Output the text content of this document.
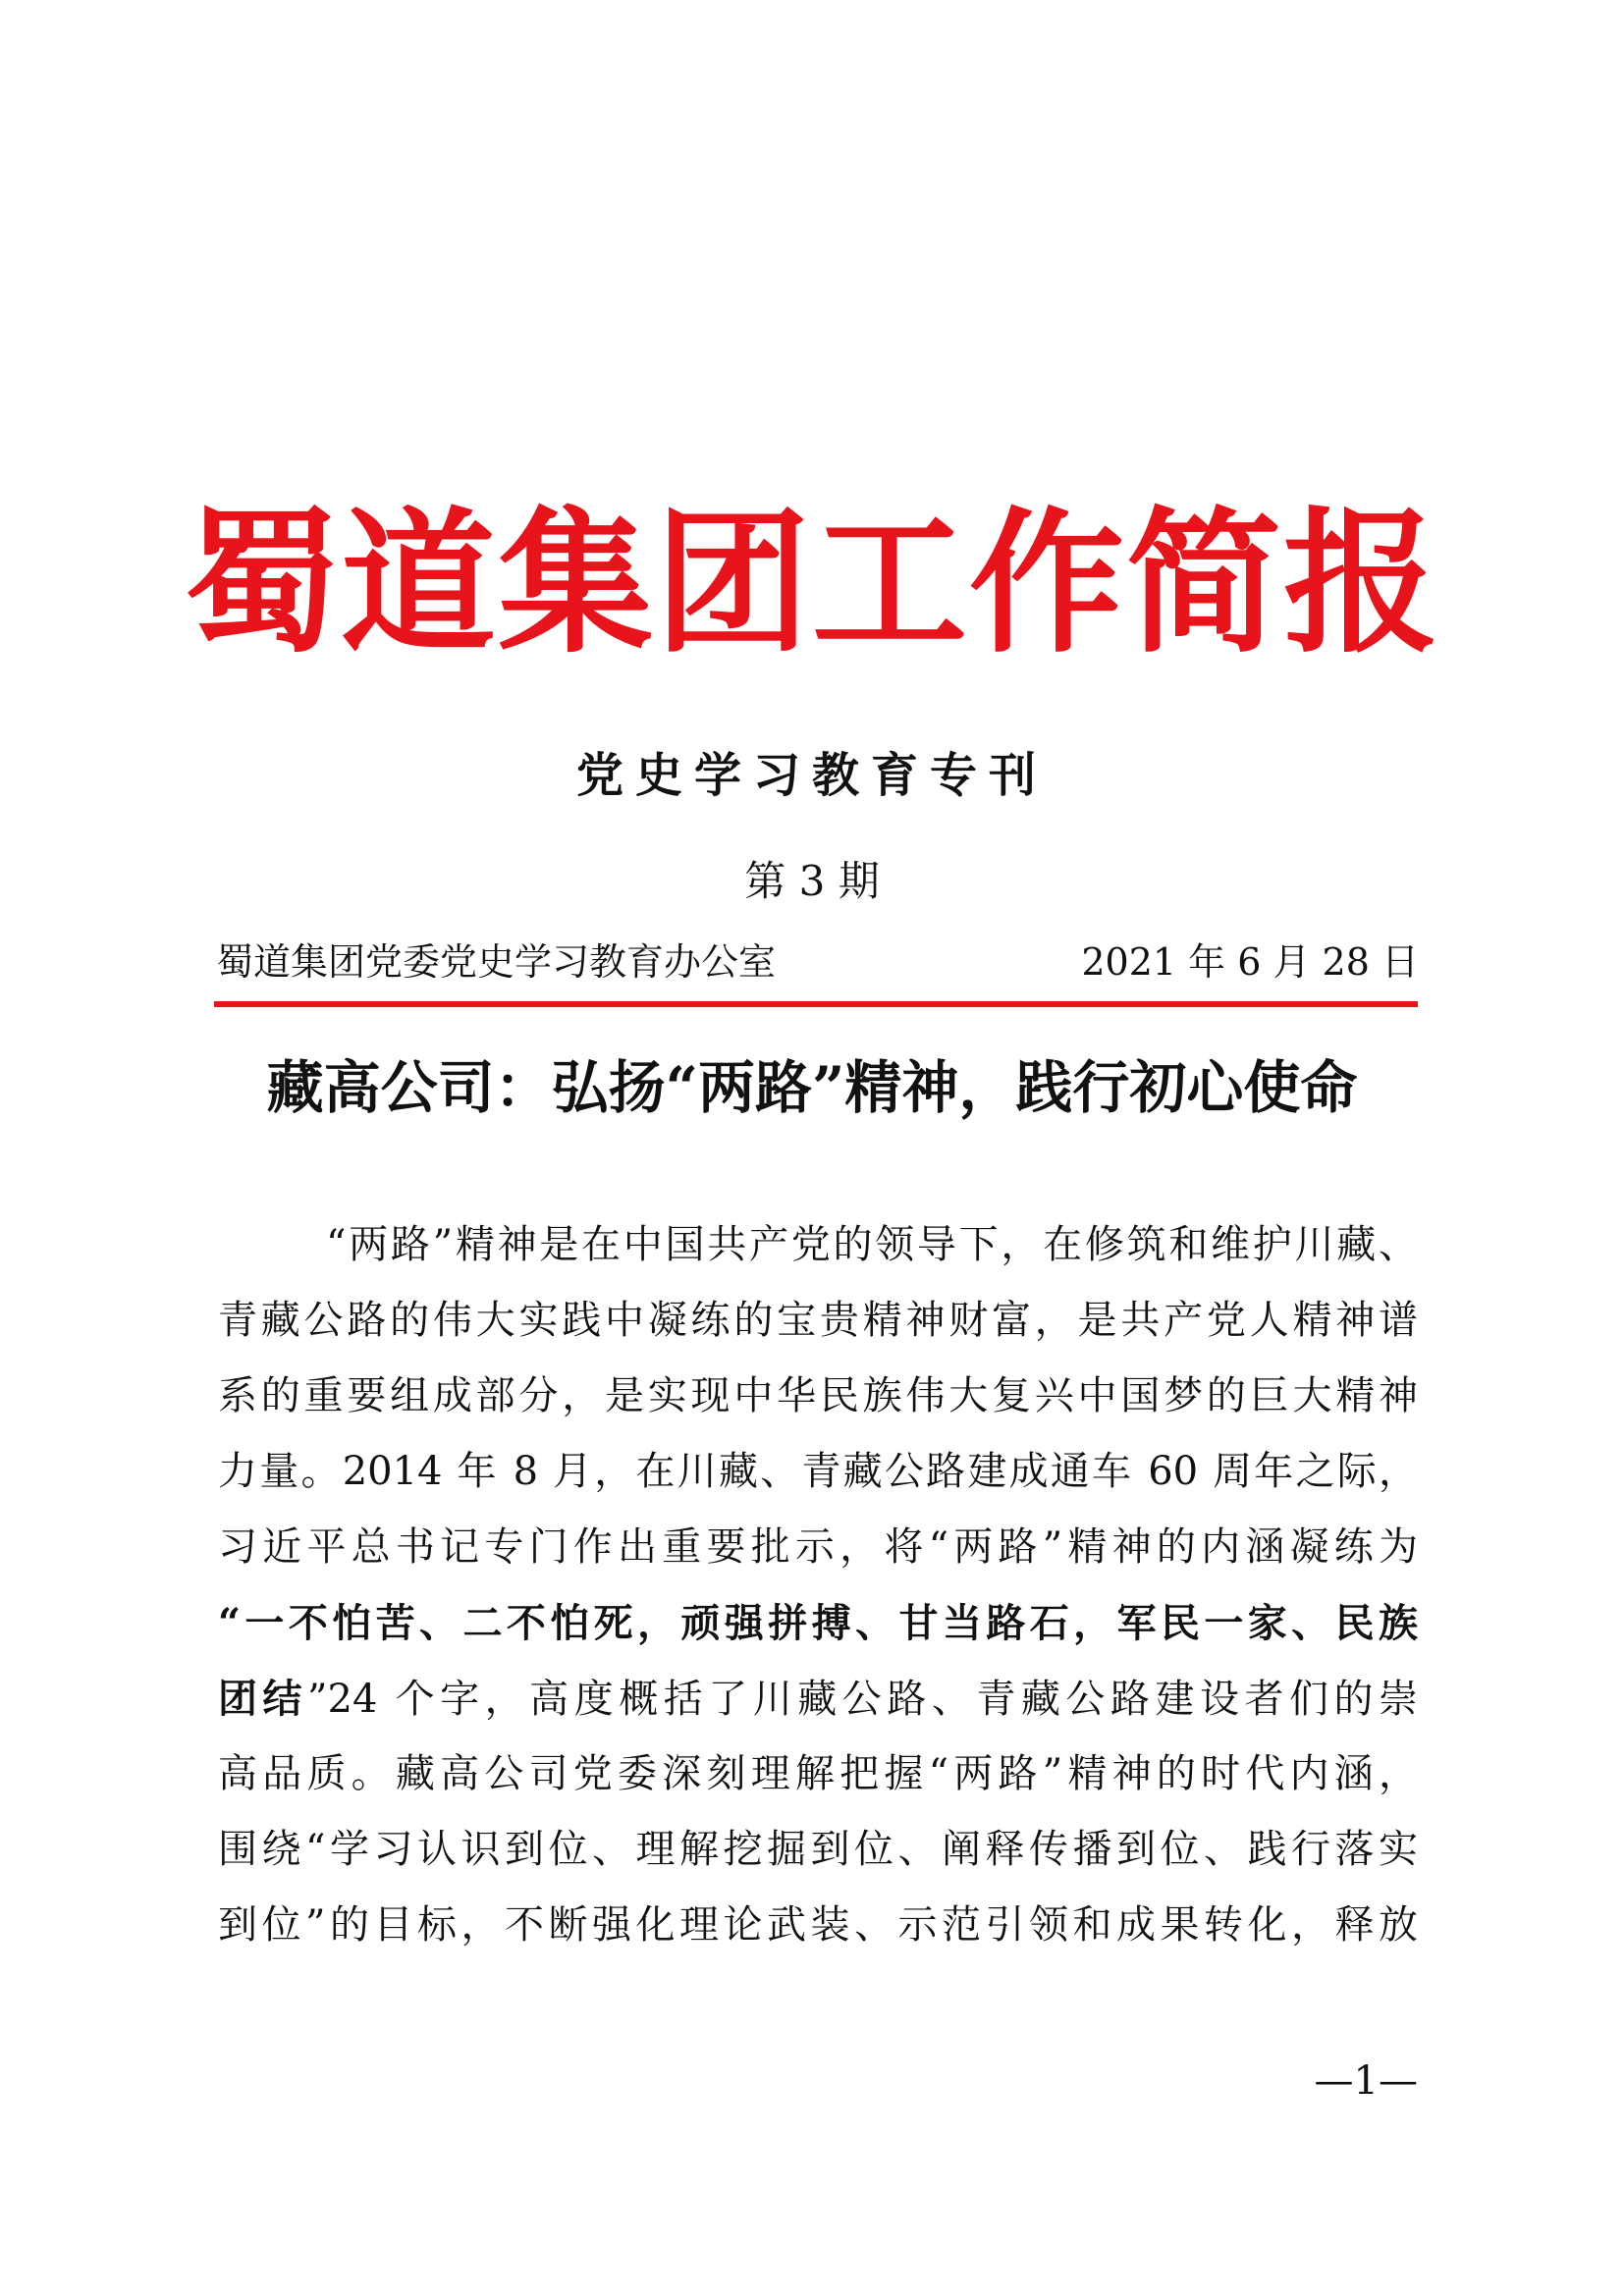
蜀道集团工作简报
党史学习教育专刊
第 3 期
蜀道集团党委党史学习教育办公室	2021 年 6 月 28 日
藏高公司：弘扬“两路”精神，践行初心使命
“两路”精神是在中国共产党的领导下，在修筑和维护川藏、
青藏公路的伟大实践中凝练的宝贵精神财富，是共产党人精神谱
系的重要组成部分，是实现中华民族伟大复兴中国梦的巨大精神
力量。2014 年 8 月，在川藏、青藏公路建成通车 60 周年之际，
习近平总书记专门作出重要批示，将“两路”精神的内涵凝练为
“一不怕苦、二不怕死，顽强拼搏、甘当路石，军民一家、民族
团结”24 个字，高度概括了川藏公路、青藏公路建设者们的崇
高品质。藏高公司党委深刻理解把握“两路”精神的时代内涵，
围绕“学习认识到位、理解挖掘到位、阐释传播到位、践行落实
到位”的目标，不断强化理论武装、示范引领和成果转化，释放
—1—
